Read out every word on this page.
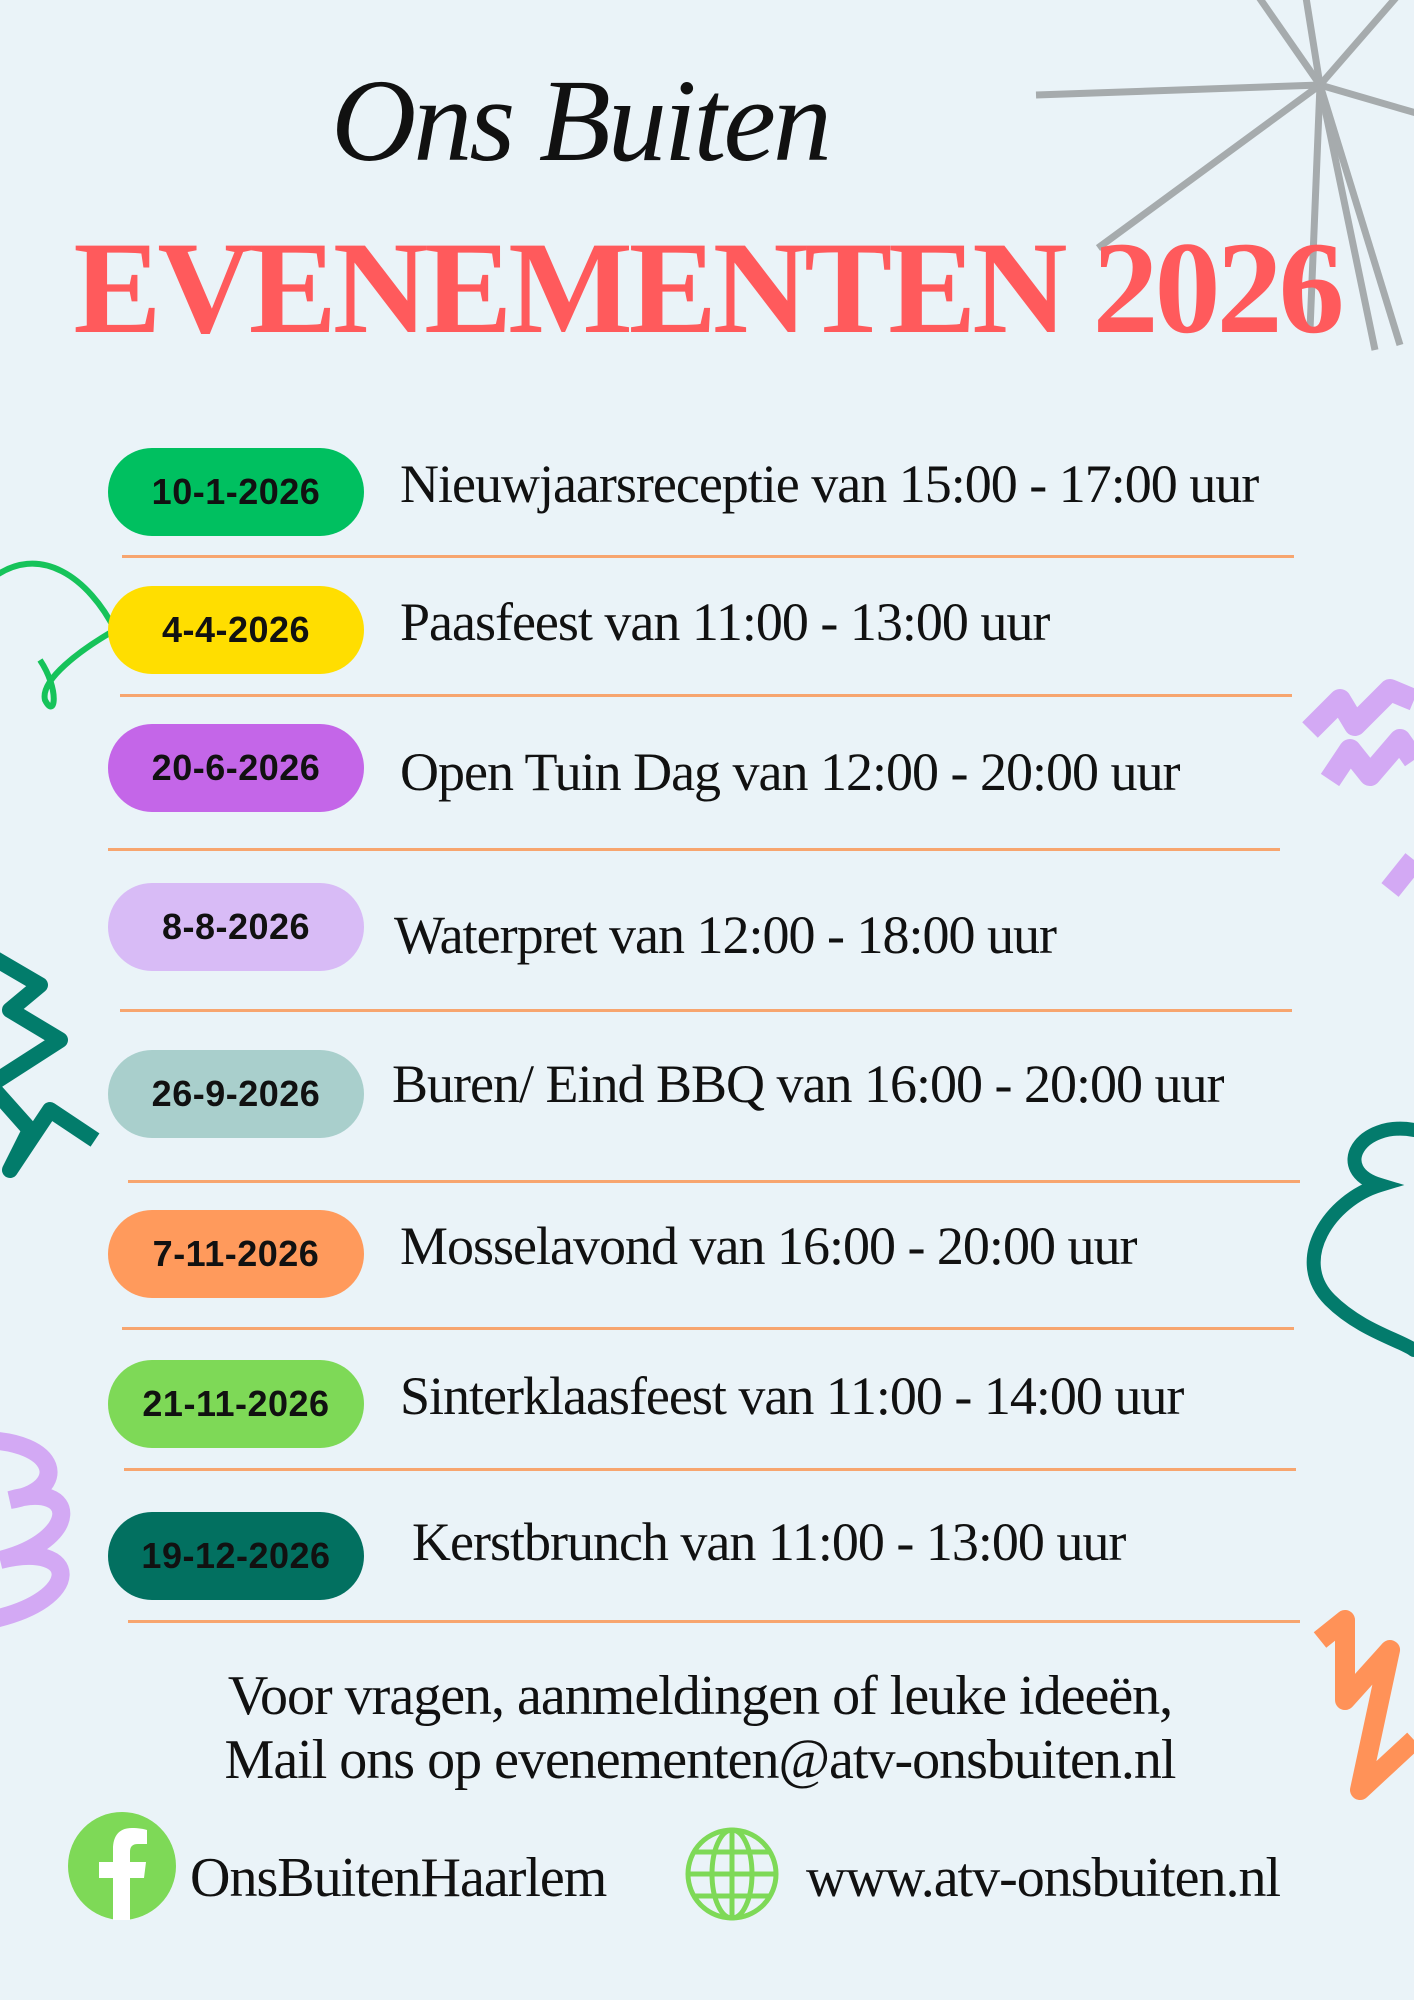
Ons Buiten
EVENEMENTEN 2026
10-1-2026	Nieuwjaarsreceptie van 15:00 - 17:00 uur
4-4-2026	Paasfeest van 11:00 - 13:00 uur
20-6-2026	Open Tuin Dag van 12:00 - 20:00 uur
8-8-2026	Waterpret van 12:00 - 18:00 uur
26-9-2026	Buren/ Eind BBQ van 16:00 - 20:00 uur
7-11-2026	Mosselavond van 16:00 - 20:00 uur
21-11-2026	Sinterklaasfeest van 11:00 - 14:00 uur
19-12-2026	Kerstbrunch van 11:00 - 13:00 uur
Voor vragen, aanmeldingen of leuke ideeën,
Mail ons op evenementen@atv-onsbuiten.nl
OnsBuitenHaarlem	www.atv-onsbuiten.nl
